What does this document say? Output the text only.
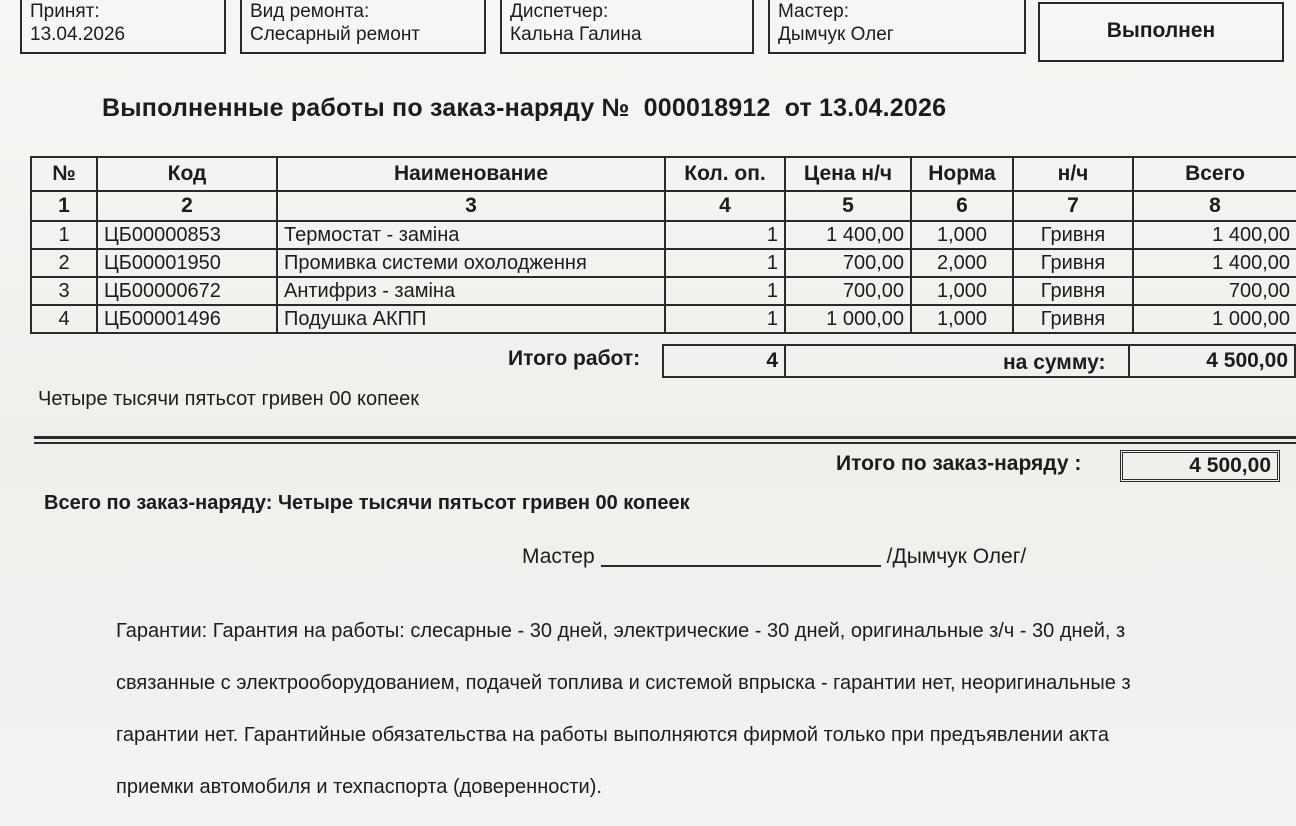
Принят:
13.04.2026
Вид ремонта:
Слесарный ремонт
Диспетчер:
Кальна Галина
Мастер:
Дымчук Олег	Выполнен
Выполненные работы по заказ-наряду № 000018912 от 13.04.2026
№	Код	Наименование	Кол. оп.	Цена н/ч	Норма	н/ч	Всего
1	2	3	4	5	6	7	8
1	ЦБ00000853	Термостат - заміна	1	1 400,00	1,000	Гривня	1 400,00
2	ЦБ00001950	Промивка системи охолодження	1	700,00	2,000	Гривня	1 400,00
3	ЦБ00000672	Антифриз - заміна	1	700,00	1,000	Гривня	700,00
4	ЦБ00001496	Подушка АКПП	1	1 000,00	1,000	Гривня	1 000,00
Итого работ:	4	на сумму:	4 500,00
Четыре тысячи пятьсот гривен 00 копеек
Итого по заказ-наряду :	4 500,00
Всего по заказ-наряду: Четыре тысячи пятьсот гривен 00 копеек
Мастер	/Дымчук Олег/

Гарантии: Гарантия на работы: слесарные - 30 дней, электрические - 30 дней, оригинальные з/ч - 30 дней, з

связанные с электрооборудованием, подачей топлива и системой впрыска - гарантии нет, неоригинальные з

гарантии нет. Гарантийные обязательства на работы выполняются фирмой только при предъявлении акта

приемки автомобиля и техпаспорта (доверенности).
